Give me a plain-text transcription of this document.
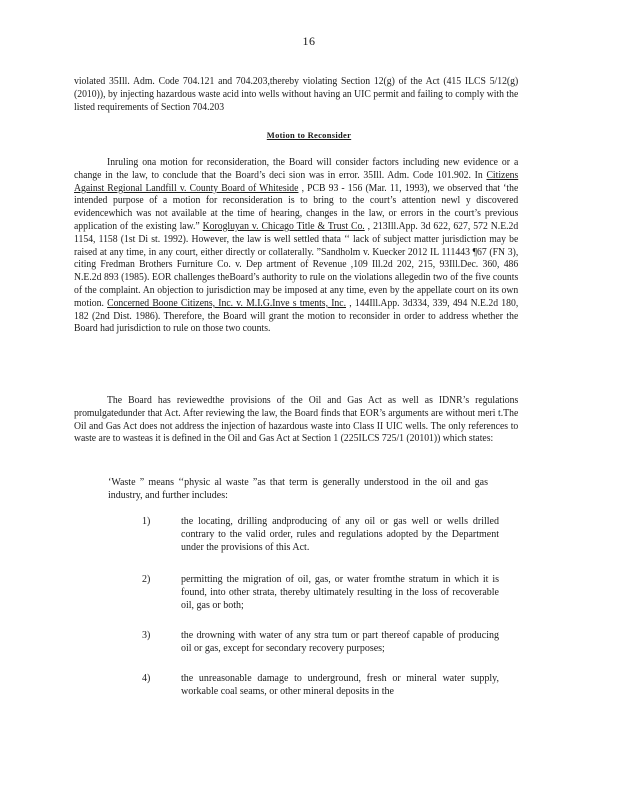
16

violated 35Ill. Adm. Code 704.121 and 704.203,thereby violating Section 12(g) of the Act (415 ILCS 5/12(g) (2010)), by injecting hazardous waste acid into wells without having an UIC permit and failing to comply with the listed requirements of Section 704.203

Motion to Reconsider

Inruling ona motion for reconsideration, the Board will consider factors including new evidence or a change in the law, to conclude that the Board’s deci sion was in error. 35Ill. Adm. Code 101.902. In Citizens Against Regional Landfill v. County Board of Whiteside , PCB 93 - 156 (Mar. 11, 1993), we observed that ‘the intended purpose of a motion for reconsideration is to bring to the court’s attention newl y discovered evidencewhich was not available at the time of hearing, changes in the law, or errors in the court’s previous application of the existing law.” Korogluyan v. Chicago Title & Trust Co. , 213Ill.App. 3d 622, 627, 572 N.E.2d 1154, 1158 (1st Di st. 1992). However, the law is well settled thata ‘‘ lack of subject matter jurisdiction may be raised at any time, in any court, either directly or collaterally. ”Sandholm v. Kuecker 2012 IL 111443 ¶67 (FN 3), citing Fredman Brothers Furniture Co. v. Dep artment of Revenue ,109 Ill.2d 202, 215, 93Ill.Dec. 360, 486 N.E.2d 893 (1985). EOR challenges theBoard’s authority to rule on the violations allegedin two of the five counts of the complaint. An objection to jurisdiction may be imposed at any time, even by the appellate court on its own motion. Concerned Boone Citizens, Inc. v. M.I.G.Inve s tments, Inc. , 144Ill.App. 3d334, 339, 494 N.E.2d 180, 182 (2nd Dist. 1986). Therefore, the Board will grant the motion to reconsider in order to address whether the Board had jurisdiction to rule on those two counts.

The Board has reviewedthe provisions of the Oil and Gas Act as well as IDNR’s regulations promulgatedunder that Act. After reviewing the law, the Board finds that EOR’s arguments are without meri t.The Oil and Gas Act does not address the injection of hazardous waste into Class II UIC wells. The only references to waste are to wasteas it is defined in the Oil and Gas Act at Section 1 (225ILCS 725/1 (20101)) which states:

‘Waste ” means ‘‘physic al waste ”as that term is generally understood in the oil and gas industry, and further includes:

1)	the locating, drilling andproducing of any oil or gas well or wells drilled contrary to the valid order, rules and regulations adopted by the Department under the provisions of this Act.
2)	permitting the migration of oil, gas, or water fromthe stratum in which it is found, into other strata, thereby ultimately resulting in the loss of recoverable oil, gas or both;
3)	the drowning with water of any stra tum or part thereof capable of producing oil or gas, except for secondary recovery purposes;
4)	the unreasonable damage to underground, fresh or mineral water supply, workable coal seams, or other mineral deposits in the
